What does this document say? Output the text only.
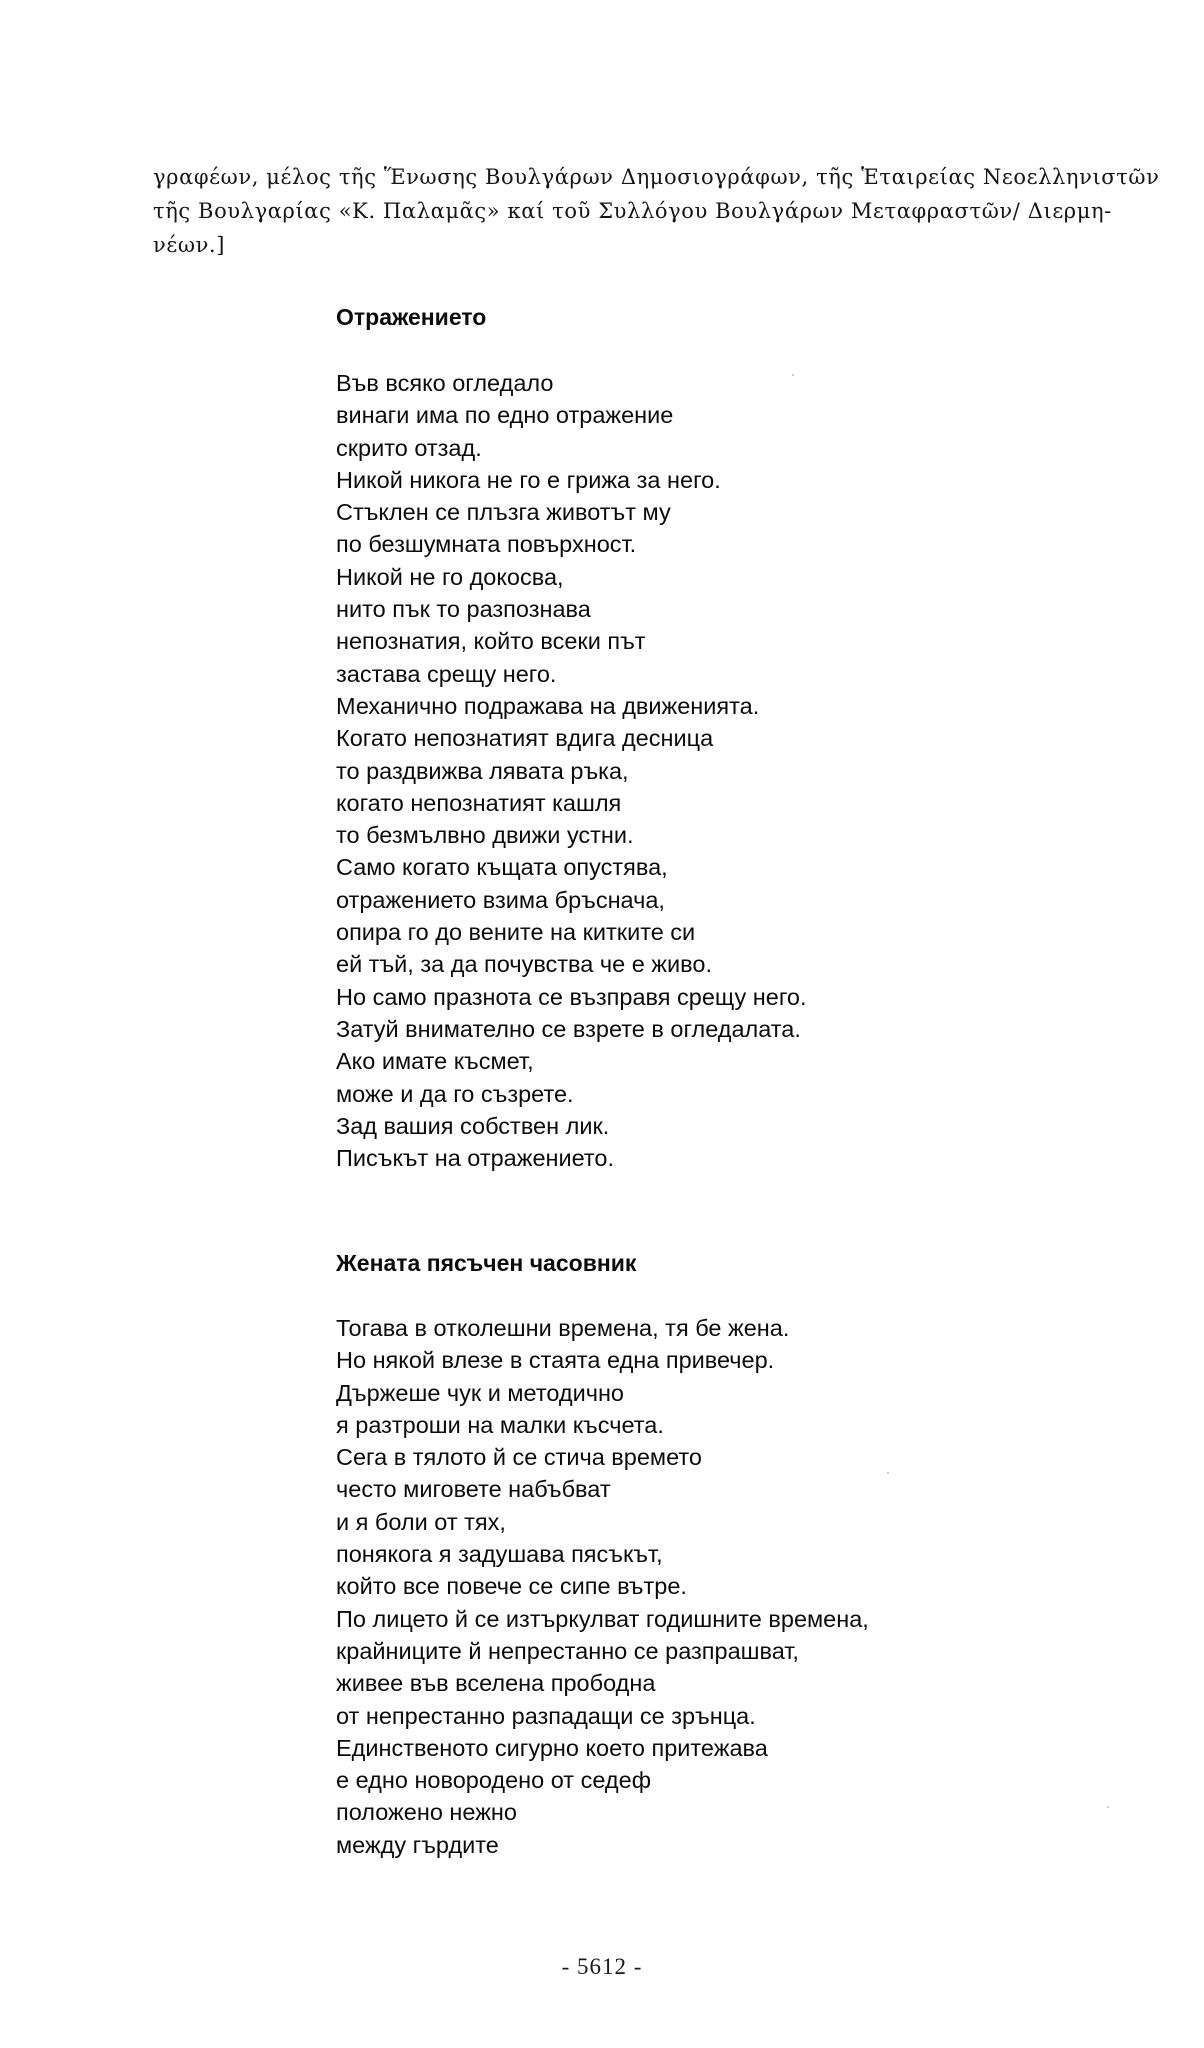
γραφέων, μέλος τῆς Ἕνωσης Βουλγάρων Δημοσιογράφων, τῆς Ἑταιρείας Νεοελληνιστῶν
τῆς Βουλγαρίας «Κ. Παλαμᾶς» καί τοῦ Συλλόγου Βουλγάρων Μεταφραστῶν/ Διερμη-
νέων.]
Отражението
Във всяко огледало
винаги има по едно отражение
скрито отзад.
Никой никога не го е грижа за него.
Стъклен се плъзга животът му
по безшумната повърхност.
Никой не го докосва,
нито пък то разпознава
непознатия, който всеки път
застава срещу него.
Механично подражава на движенията.
Когато непознатият вдига десница
то раздвижва лявата ръка,
когато непознатият кашля
то безмълвно движи устни.
Само когато къщата опустява,
отражението взима бръснача,
опира го до вените на китките си
ей тъй, за да почувства че е живо.
Но само празнота се възправя срещу него.
Затуй внимателно се взрете в огледалата.
Ако имате късмет,
може и да го съзрете.
Зад вашия собствен лик.
Писъкът на отражението.
Жената пясъчен часовник
Тогава в отколешни времена, тя бе жена.
Но някой влезе в стаята една привечер.
Държеше чук и методично
я разтроши на малки късчета.
Сега в тялото й се стича времето
често миговете набъбват
и я боли от тях,
понякога я задушава пясъкът,
който все повече се сипе вътре.
По лицето й се изтъркулват годишните времена,
крайниците й непрестанно се разпрашват,
живее във вселена прободна
от непрестанно разпадащи се зрънца.
Единственото сигурно което притежава
е едно новородено от седеф
положено нежно
между гърдите
- 5612 -
